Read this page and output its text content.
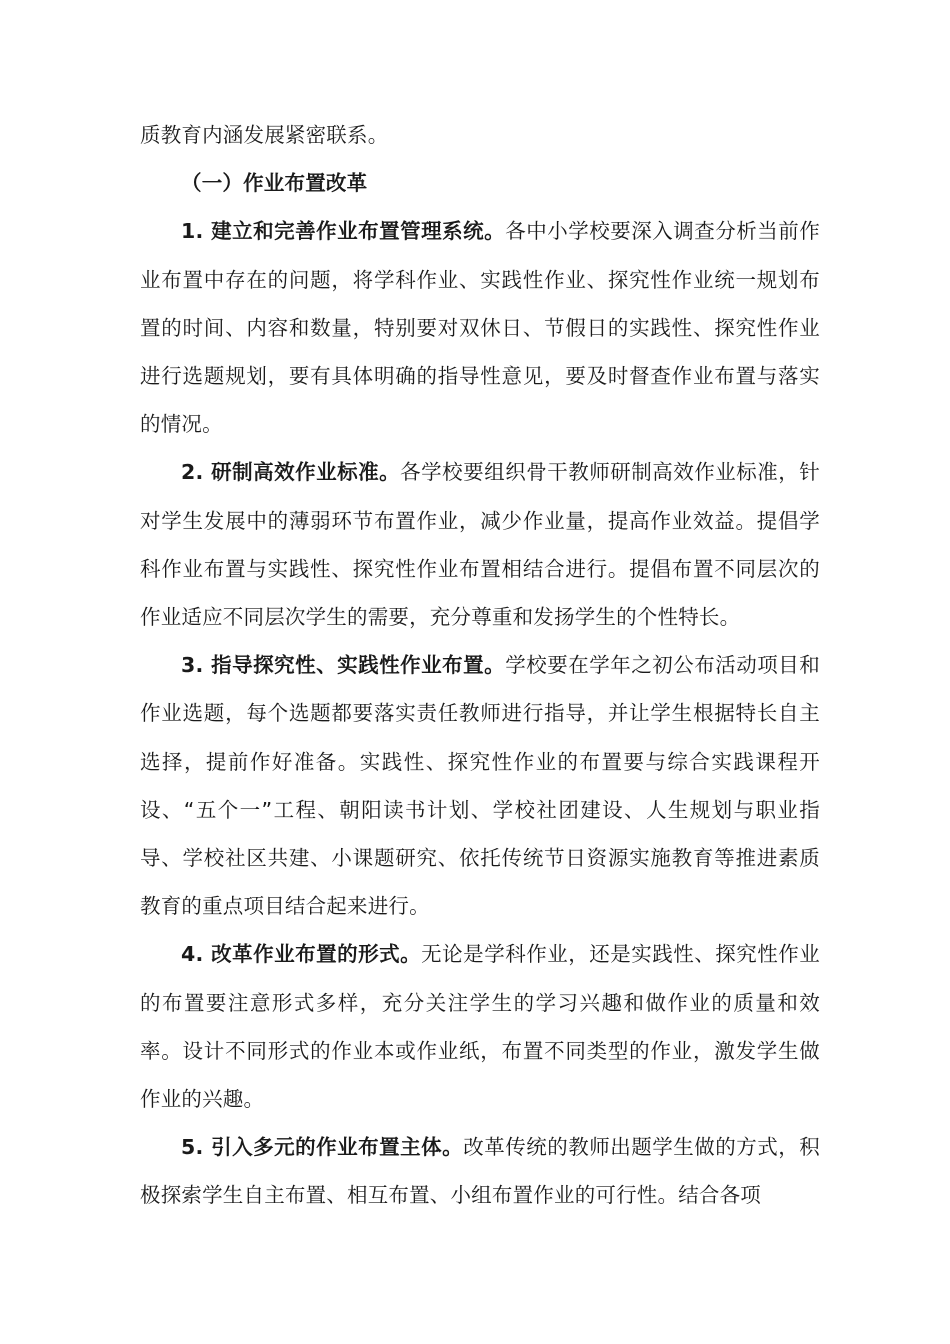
质教育内涵发展紧密联系。

（一）作业布置改革

1. 建立和完善作业布置管理系统。各中小学校要深入调查分析当前作业布置中存在的问题，将学科作业、实践性作业、探究性作业统一规划布置的时间、内容和数量，特别要对双休日、节假日的实践性、探究性作业进行选题规划，要有具体明确的指导性意见，要及时督查作业布置与落实的情况。

2. 研制高效作业标准。各学校要组织骨干教师研制高效作业标准，针对学生发展中的薄弱环节布置作业，减少作业量，提高作业效益。提倡学科作业布置与实践性、探究性作业布置相结合进行。提倡布置不同层次的作业适应不同层次学生的需要，充分尊重和发扬学生的个性特长。

3. 指导探究性、实践性作业布置。学校要在学年之初公布活动项目和作业选题，每个选题都要落实责任教师进行指导，并让学生根据特长自主选择，提前作好准备。实践性、探究性作业的布置要与综合实践课程开设、“五个一”工程、朝阳读书计划、学校社团建设、人生规划与职业指导、学校社区共建、小课题研究、依托传统节日资源实施教育等推进素质教育的重点项目结合起来进行。

4. 改革作业布置的形式。无论是学科作业，还是实践性、探究性作业的布置要注意形式多样，充分关注学生的学习兴趣和做作业的质量和效率。设计不同形式的作业本或作业纸，布置不同类型的作业，激发学生做作业的兴趣。

5. 引入多元的作业布置主体。改革传统的教师出题学生做的方式，积极探索学生自主布置、相互布置、小组布置作业的可行性。结合各项
